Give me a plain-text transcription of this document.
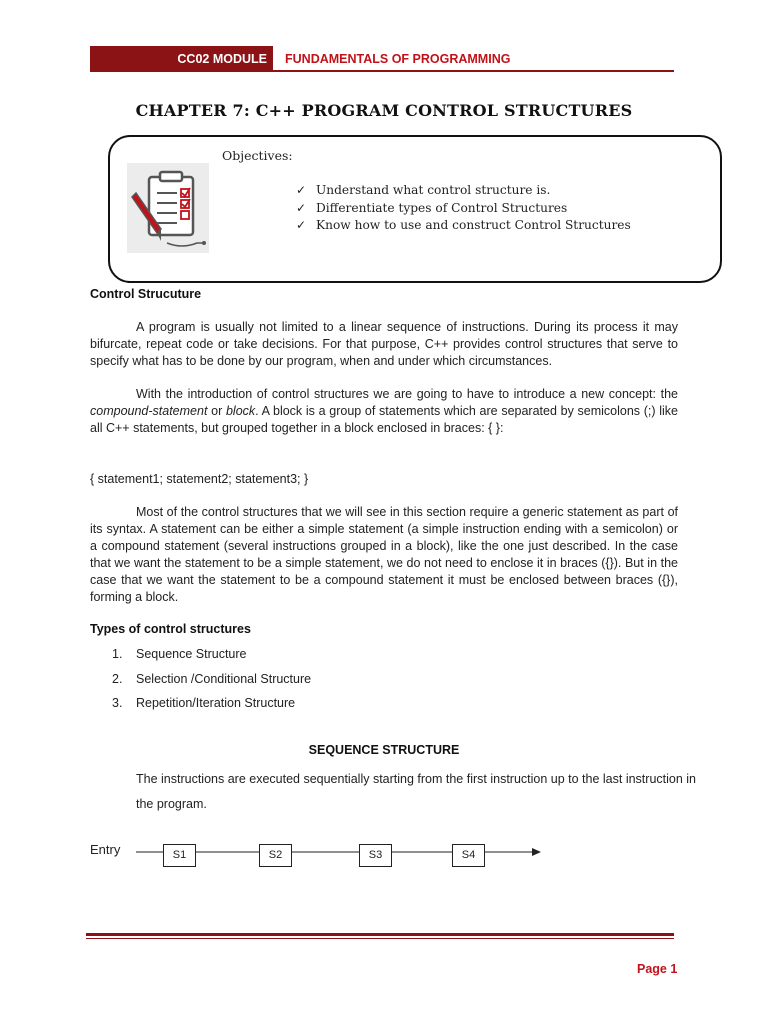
CC02 MODULE	FUNDAMENTALS OF PROGRAMMING
CHAPTER 7: C++ PROGRAM CONTROL STRUCTURES
Objectives:
✓ Understand what control structure is.
✓ Differentiate types of Control Structures
✓ Know how to use and construct Control Structures
Control Strucuture

A program is usually not limited to a linear sequence of instructions. During its process it may bifurcate, repeat code or take decisions. For that purpose, C++ provides control structures that serve to specify what has to be done by our program, when and under which circumstances.

With the introduction of control structures we are going to have to introduce a new concept: the compound-statement or block. A block is a group of statements which are separated by semicolons (;) like all C++ statements, but grouped together in a block enclosed in braces: { }:

{ statement1; statement2; statement3; }

Most of the control structures that we will see in this section require a generic statement as part of its syntax. A statement can be either a simple statement (a simple instruction ending with a semicolon) or a compound statement (several instructions grouped in a block), like the one just described. In the case that we want the statement to be a simple statement, we do not need to enclose it in braces ({}). But in the case that we want the statement to be a compound statement it must be enclosed between braces ({}), forming a block.

Types of control structures
1. Sequence Structure
2. Selection /Conditional Structure
3. Repetition/Iteration Structure
SEQUENCE STRUCTURE
The instructions are executed sequentially starting from the first instruction up to the last instruction in the program.
Entry	S1	S2	S3	S4
Page 1
